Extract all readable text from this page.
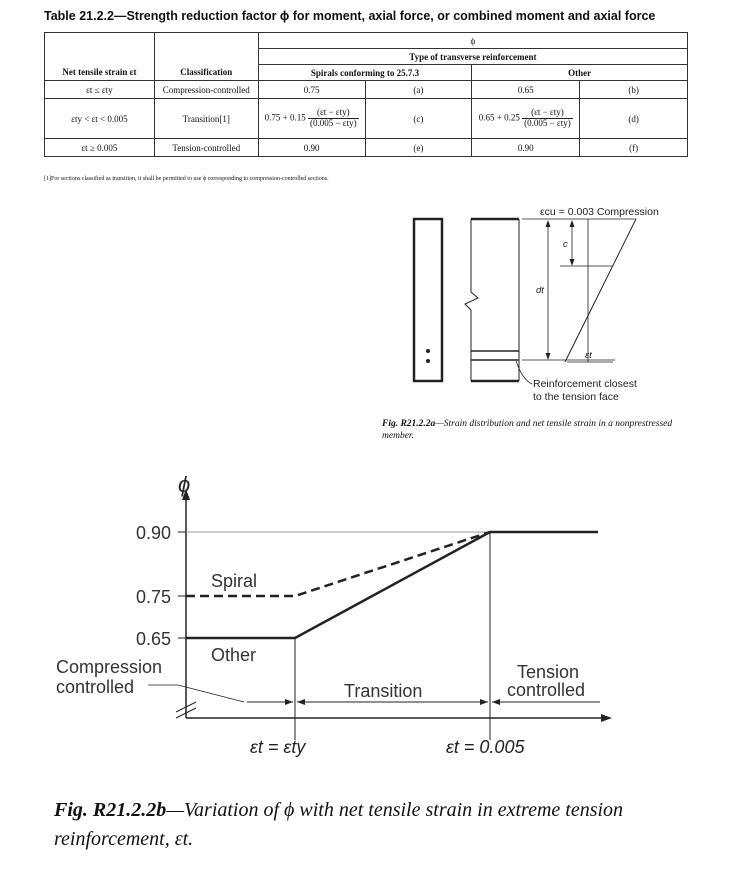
Table 21.2.2—Strength reduction factor ϕ for moment, axial force, or combined moment and axial force
		ϕ			
		Type of transverse reinforcement			
Net tensile strain εt	Classification	Spirals conforming to 25.7.3		Other	
εt ≤ εty	Compression-controlled	0.75	(a)	0.65	(b)
εty < εt < 0.005	Transition[1]	$0.75 + 0.15 \frac{\text{(εt − εty)}}{\text{(0.005 − εty)}}$	(c)	$0.65 + 0.25 \frac{\text{(εt − εty)}}{\text{(0.005 − εty)}}$	(d)
εt ≥ 0.005	Tension-controlled	0.90	(e)	0.90	(f)
[1]For sections classified as transition, it shall be permitted to use ϕ corresponding to compression-controlled sections.
εcu = 0.003 Compression
c
dt
εt
Reinforcement closest
to the tension face
Fig. R21.2.2a—Strain distribution and net tensile strain in a nonprestressed member.
ϕ
0.90
0.75
0.65
Spiral
Other
Compression
controlled	Transition
Tension
controlled
εt = εty	εt = 0.005
Fig. R21.2.2b—Variation of ϕ with net tensile strain in extreme tension reinforcement, εt.
